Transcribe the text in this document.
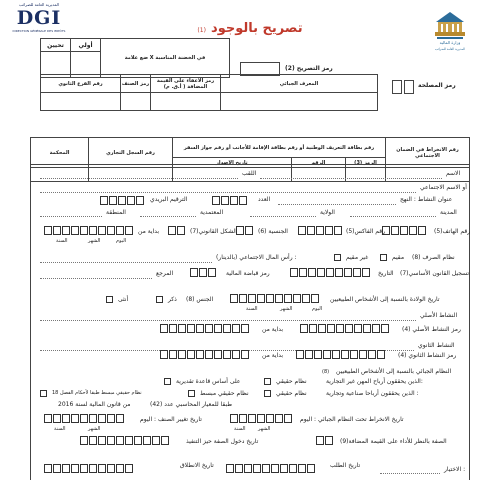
المديرية العامة للضرائب
DGI
DIRECTION GÉNÉRALE DES IMPÔTS	تصريح بالوجود (1)
وزارة المالية
المديرية العامة للضرائب
تحيين	أولي	ضع علامة X في الخضنة المناسبة

رمز التصريح (2)
رمز المصلحة
رقم الفرع الثانوي	رمز الصنف	رمز الاعفاء على القيمة المضافة ( أ.ق. م)	المعرف الجبائي

المحكمة	رقم السجل التجاري	رقم بطاقة التعريف الوطنية أو رقم بطاقة الإقامة للأجانب أو رقم جواز السفر			رقم الانخراط في الضمان الاجتماعي
		تاريخ الإصدار	الرقم	الرمز (3)	

الاسم
اللقب
أو الاسم الاجتماعي
عنوان النشاط : النهج
العدد
الترقيم البريدي
المدينة
الولاية
المعتمدية
المنطقة
رقم الهاتف(5)
رقم الفاكس(5)
الجنسية (6)
الشكل القانوني(7)
بداية من
اليوم
الشهر
السنة
نظام الصرف (8)
مقيم
غير مقيم
رأس المال الاجتماعي (بالدينار) :
تسجيل القانون الأساسي(7)
التاريخ
رمز قباضة المالية
المرجع
تاريخ الولادة بالنسبة إلى الأشخاص الطبيعيين
اليوم
الشهر
السنة
الجنس (8)
ذكر
أنثى
النشاط الأصلي
رمز النشاط الأصلي (4)
بداية من
النشاط الثانوي
رمز النشاط الثانوي (4)
بداية من
النظام الجبائي بالنسبة إلى الأشخاص الطبيعيين
(8)
الذين يحققون أرباح المهن غير التجارية:
نظام حقيقي
على أساس قاعدة تقديرية
الذين يحققون أرباحا صناعية وتجارية :
نظام حقيقي
نظام حقيقي مبسط
نظام حقيقي مبسط طبقا لأحكام الفصل 18
طبقا للمعيار المحاسبي عدد (42)
من قانون المالية لسنة 2016
تاريخ الانخراط تحت النظام الجبائي : اليوم
تاريخ تغيير الصنف : اليوم
الشهر
السنة
الشهر
السنة
الصفة بالنظر للأداء على القيمة المضافة(9)
تاريخ دخول الصفة حيز التنفيذ
الاختيار :
تاريخ الطلب
تاريخ الانطلاق
